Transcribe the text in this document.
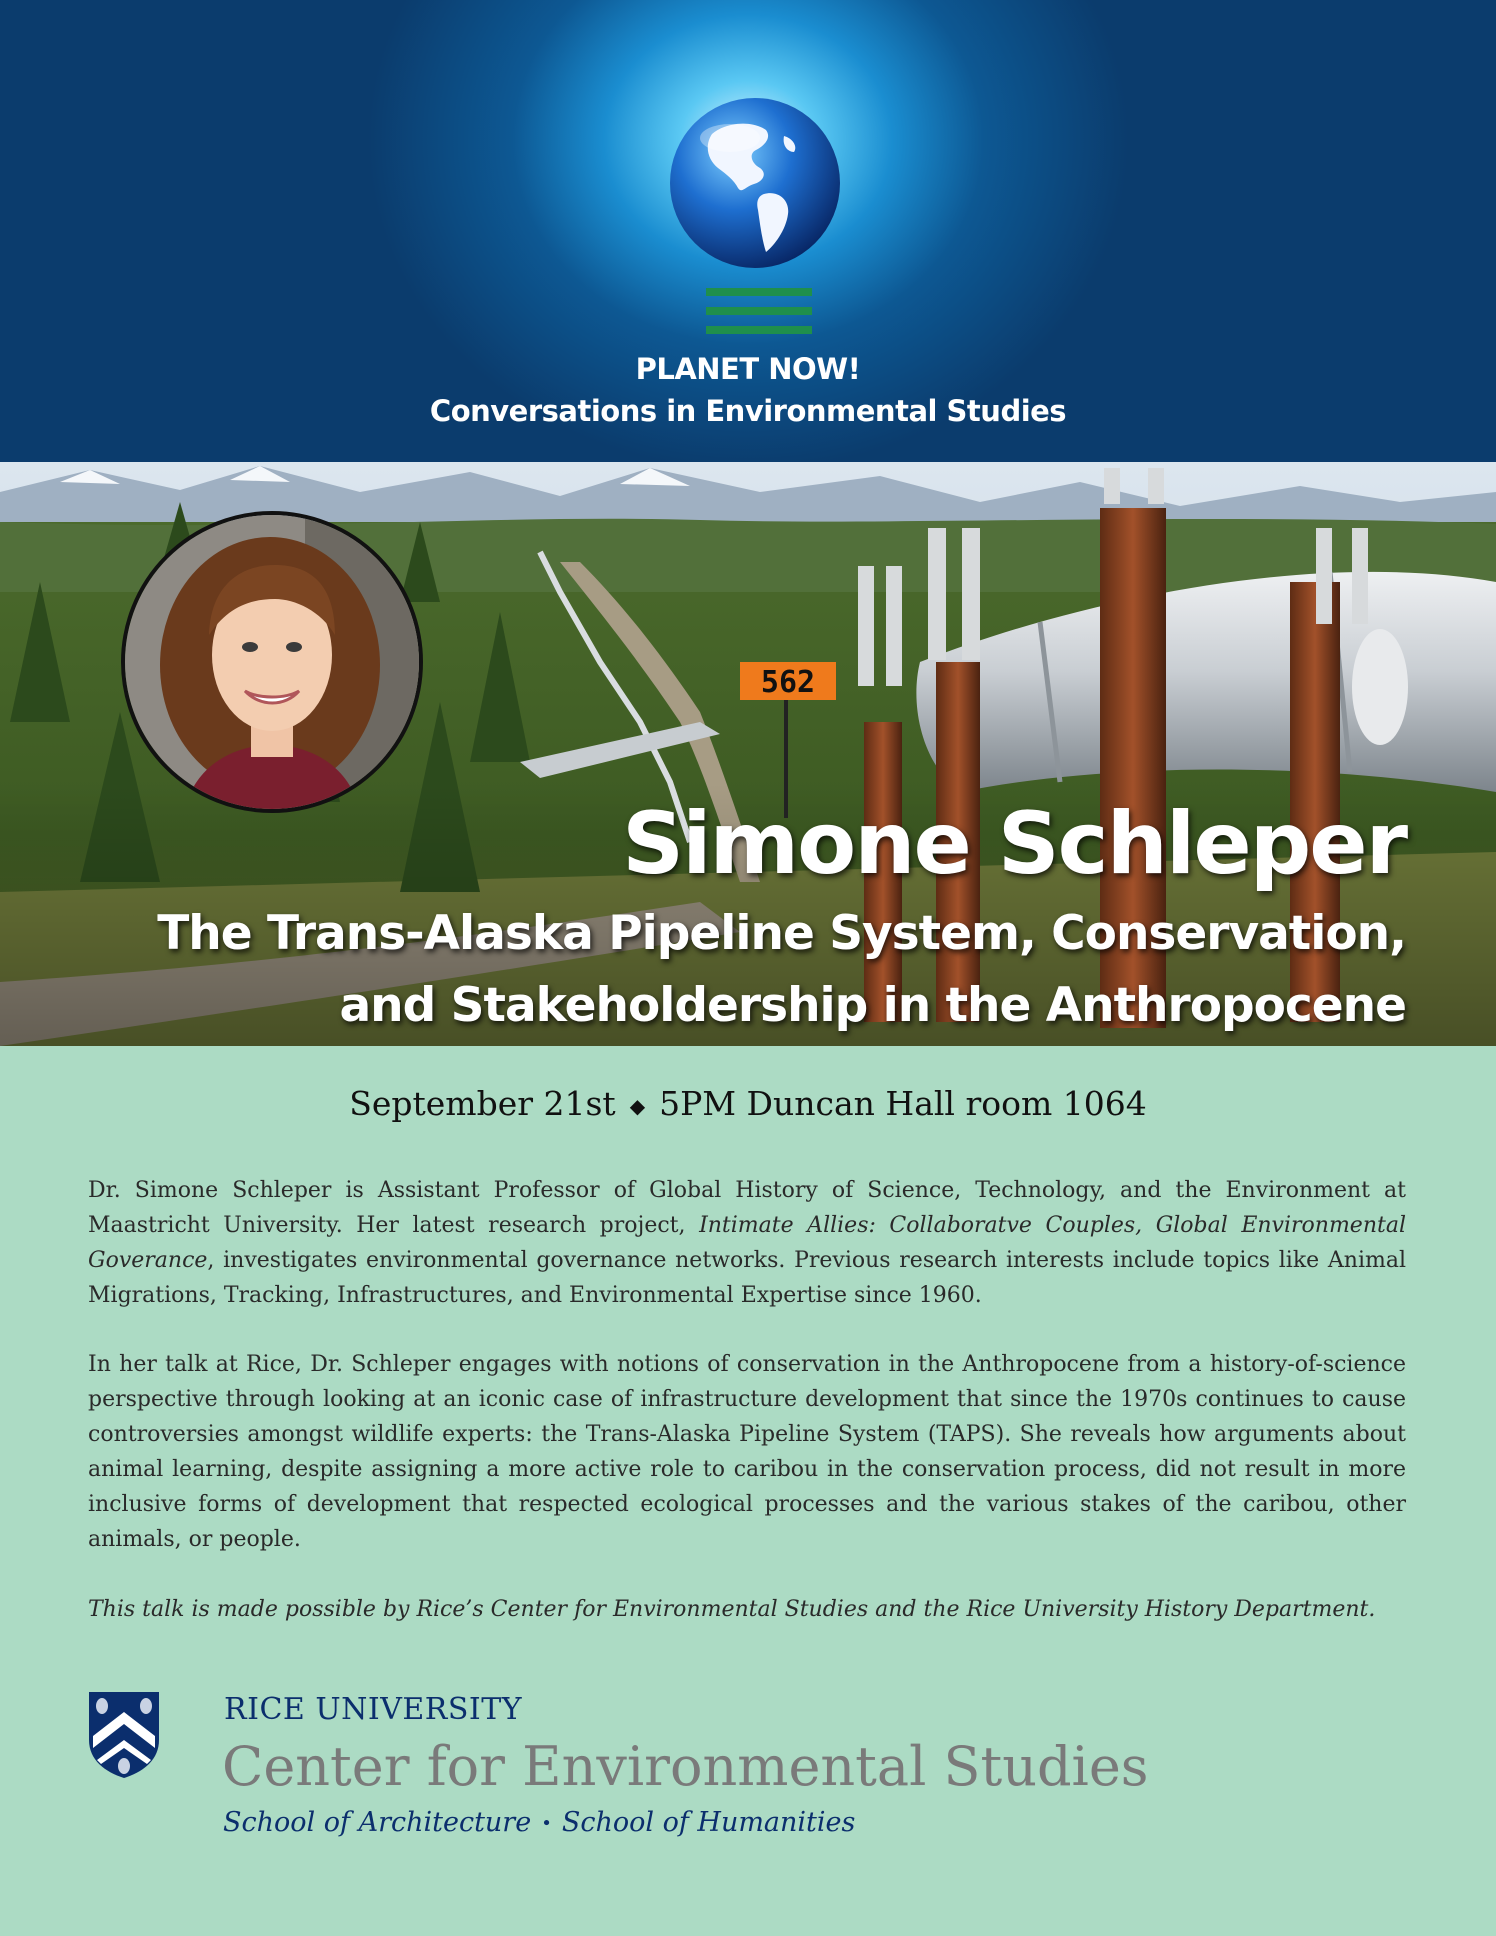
PLANET NOW!
Conversations in Environmental Studies
562
Simone Schleper
The Trans-Alaska Pipeline System, Conservation,
and Stakeholdership in the Anthropocene
September 21st ◆ 5PM Duncan Hall room 1064

Dr. Simone Schleper is Assistant Professor of Global History of Science, Technology, and the Environment at Maastricht University. Her latest research project, Intimate Allies: Collaboratve Couples, Global Environmental Goverance, investigates environmental governance networks. Previous research interests include topics like Animal Migrations, Tracking, Infrastructures, and Environmental Expertise since 1960.

In her talk at Rice, Dr. Schleper engages with notions of conservation in the Anthropocene from a history-of-science perspective through looking at an iconic case of infrastructure development that since the 1970s continues to cause controversies amongst wildlife experts: the Trans-Alaska Pipeline System (TAPS). She reveals how arguments about animal learning, despite assigning a more active role to caribou in the conservation process, did not result in more inclusive forms of development that respected ecological processes and the various stakes of the caribou, other animals, or people.

This talk is made possible by Rice’s Center for Environmental Studies and the Rice University History Department.

RICE UNIVERSITY
Center for Environmental Studies
School of Architecture • School of Humanities
